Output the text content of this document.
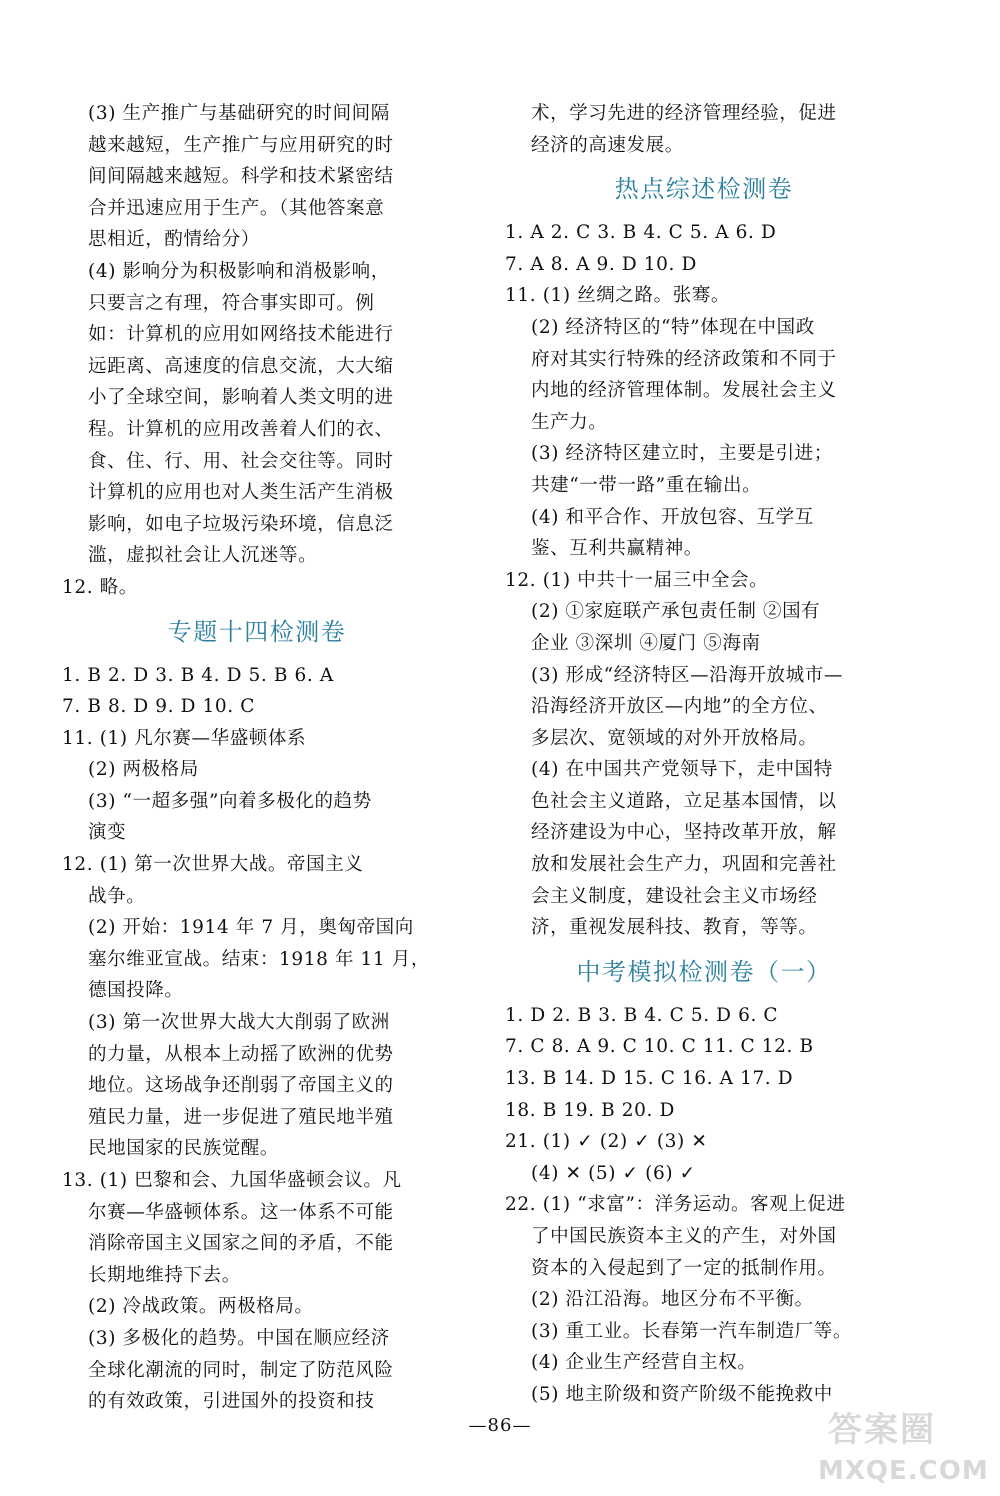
(3) 生产推广与基础研究的时间间隔
越来越短，生产推广与应用研究的时
间间隔越来越短。科学和技术紧密结
合并迅速应用于生产。（其他答案意
思相近，酌情给分）
(4) 影响分为积极影响和消极影响，
只要言之有理，符合事实即可。例
如：计算机的应用如网络技术能进行
远距离、高速度的信息交流，大大缩
小了全球空间，影响着人类文明的进
程。计算机的应用改善着人们的衣、
食、住、行、用、社会交往等。同时
计算机的应用也对人类生活产生消极
影响，如电子垃圾污染环境，信息泛
滥，虚拟社会让人沉迷等。
12. 略。
专题十四检测卷
1. B 2. D 3. B 4. D 5. B 6. A
7. B 8. D 9. D 10. C
11. (1) 凡尔赛—华盛顿体系
(2) 两极格局
(3) “一超多强”向着多极化的趋势
演变
12. (1) 第一次世界大战。帝国主义
战争。
(2) 开始：1914 年 7 月，奥匈帝国向
塞尔维亚宣战。结束：1918 年 11 月，
德国投降。
(3) 第一次世界大战大大削弱了欧洲
的力量，从根本上动摇了欧洲的优势
地位。这场战争还削弱了帝国主义的
殖民力量，进一步促进了殖民地半殖
民地国家的民族觉醒。
13. (1) 巴黎和会、九国华盛顿会议。凡
尔赛—华盛顿体系。这一体系不可能
消除帝国主义国家之间的矛盾，不能
长期地维持下去。
(2) 冷战政策。两极格局。
(3) 多极化的趋势。中国在顺应经济
全球化潮流的同时，制定了防范风险
的有效政策，引进国外的投资和技
术，学习先进的经济管理经验，促进
经济的高速发展。
热点综述检测卷
1. A 2. C 3. B 4. C 5. A 6. D
7. A 8. A 9. D 10. D
11. (1) 丝绸之路。张骞。
(2) 经济特区的“特”体现在中国政
府对其实行特殊的经济政策和不同于
内地的经济管理体制。发展社会主义
生产力。
(3) 经济特区建立时，主要是引进；
共建“一带一路”重在输出。
(4) 和平合作、开放包容、互学互
鉴、互利共赢精神。
12. (1) 中共十一届三中全会。
(2) ①家庭联产承包责任制 ②国有
企业 ③深圳 ④厦门 ⑤海南
(3) 形成“经济特区—沿海开放城市—
沿海经济开放区—内地”的全方位、
多层次、宽领域的对外开放格局。
(4) 在中国共产党领导下，走中国特
色社会主义道路，立足基本国情，以
经济建设为中心，坚持改革开放，解
放和发展社会生产力，巩固和完善社
会主义制度，建设社会主义市场经
济，重视发展科技、教育，等等。
中考模拟检测卷（一）
1. D 2. B 3. B 4. C 5. D 6. C
7. C 8. A 9. C 10. C 11. C 12. B
13. B 14. D 15. C 16. A 17. D
18. B 19. B 20. D
21. (1) ✓ (2) ✓ (3) ✕
(4) ✕ (5) ✓ (6) ✓
22. (1) “求富”：洋务运动。客观上促进
了中国民族资本主义的产生，对外国
资本的入侵起到了一定的抵制作用。
(2) 沿江沿海。地区分布不平衡。
(3) 重工业。长春第一汽车制造厂等。
(4) 企业生产经营自主权。
(5) 地主阶级和资产阶级不能挽救中
—86—	答案圈
MXQE.COM
